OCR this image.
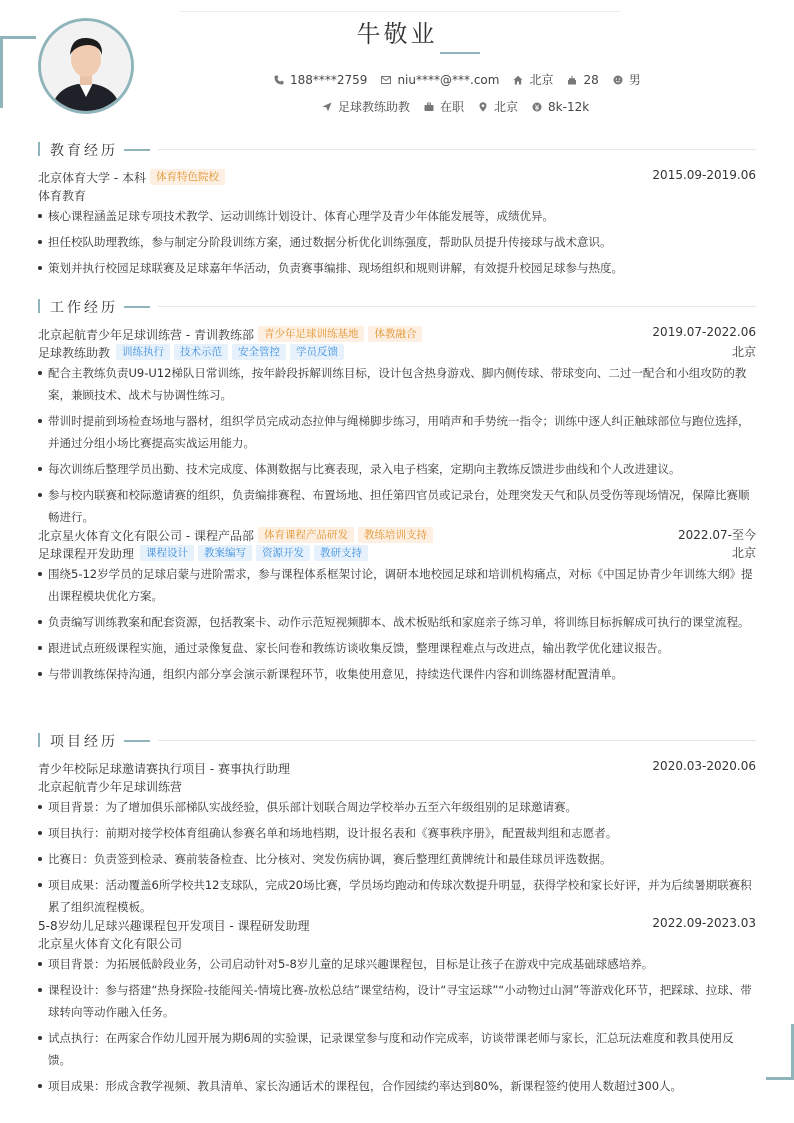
牛敬业
188****2759	niu****@***.com	北京	28	男
足球教练助教	在职	北京	8k-12k
教育经历
北京体育大学 - 本科 体育特色院校	2015.09-2019.06
体育教育
核心课程涵盖足球专项技术教学、运动训练计划设计、体育心理学及青少年体能发展等，成绩优异。
担任校队助理教练，参与制定分阶段训练方案，通过数据分析优化训练强度，帮助队员提升传接球与战术意识。
策划并执行校园足球联赛及足球嘉年华活动，负责赛事编排、现场组织和规则讲解，有效提升校园足球参与热度。
工作经历
北京起航青少年足球训练营 - 青训教练部 青少年足球训练基地	体教融合	2019.07-2022.06
足球教练助教	训练执行	技术示范	安全管控	学员反馈	北京
配合主教练负责U9-U12梯队日常训练，按年龄段拆解训练目标，设计包含热身游戏、脚内侧传球、带球变向、二过一配合和小组攻防的教案，兼顾技术、战术与协调性练习。
带训时提前到场检查场地与器材，组织学员完成动态拉伸与绳梯脚步练习，用哨声和手势统一指令；训练中逐人纠正触球部位与跑位选择，并通过分组小场比赛提高实战运用能力。
每次训练后整理学员出勤、技术完成度、体测数据与比赛表现，录入电子档案，定期向主教练反馈进步曲线和个人改进建议。
参与校内联赛和校际邀请赛的组织，负责编排赛程、布置场地、担任第四官员或记录台，处理突发天气和队员受伤等现场情况，保障比赛顺畅进行。
北京星火体育文化有限公司 - 课程产品部 体育课程产品研发	教练培训支持	2022.07-至今
足球课程开发助理	课程设计	教案编写	资源开发	教研支持	北京
围绕5-12岁学员的足球启蒙与进阶需求，参与课程体系框架讨论，调研本地校园足球和培训机构痛点，对标《中国足协青少年训练大纲》提出课程模块优化方案。
负责编写训练教案和配套资源，包括教案卡、动作示范短视频脚本、战术板贴纸和家庭亲子练习单，将训练目标拆解成可执行的课堂流程。
跟进试点班级课程实施，通过录像复盘、家长问卷和教练访谈收集反馈，整理课程难点与改进点，输出教学优化建议报告。
与带训教练保持沟通，组织内部分享会演示新课程环节，收集使用意见，持续迭代课件内容和训练器材配置清单。
项目经历
青少年校际足球邀请赛执行项目 - 赛事执行助理	2020.03-2020.06
北京起航青少年足球训练营
项目背景：为了增加俱乐部梯队实战经验，俱乐部计划联合周边学校举办五至六年级组别的足球邀请赛。
项目执行：前期对接学校体育组确认参赛名单和场地档期，设计报名表和《赛事秩序册》，配置裁判组和志愿者。
比赛日：负责签到检录、赛前装备检查、比分核对、突发伤病协调，赛后整理红黄牌统计和最佳球员评选数据。
项目成果：活动覆盖6所学校共12支球队，完成20场比赛，学员场均跑动和传球次数提升明显，获得学校和家长好评，并为后续暑期联赛积累了组织流程模板。
5-8岁幼儿足球兴趣课程包开发项目 - 课程研发助理	2022.09-2023.03
北京星火体育文化有限公司
项目背景：为拓展低龄段业务，公司启动针对5-8岁儿童的足球兴趣课程包，目标是让孩子在游戏中完成基础球感培养。
课程设计：参与搭建“热身探险-技能闯关-情境比赛-放松总结”课堂结构，设计“寻宝运球”“小动物过山洞”等游戏化环节，把踩球、拉球、带球转向等动作融入任务。
试点执行：在两家合作幼儿园开展为期6周的实验课，记录课堂参与度和动作完成率，访谈带课老师与家长，汇总玩法难度和教具使用反馈。
项目成果：形成含教学视频、教具清单、家长沟通话术的课程包，合作园续约率达到80%，新课程签约使用人数超过300人。
